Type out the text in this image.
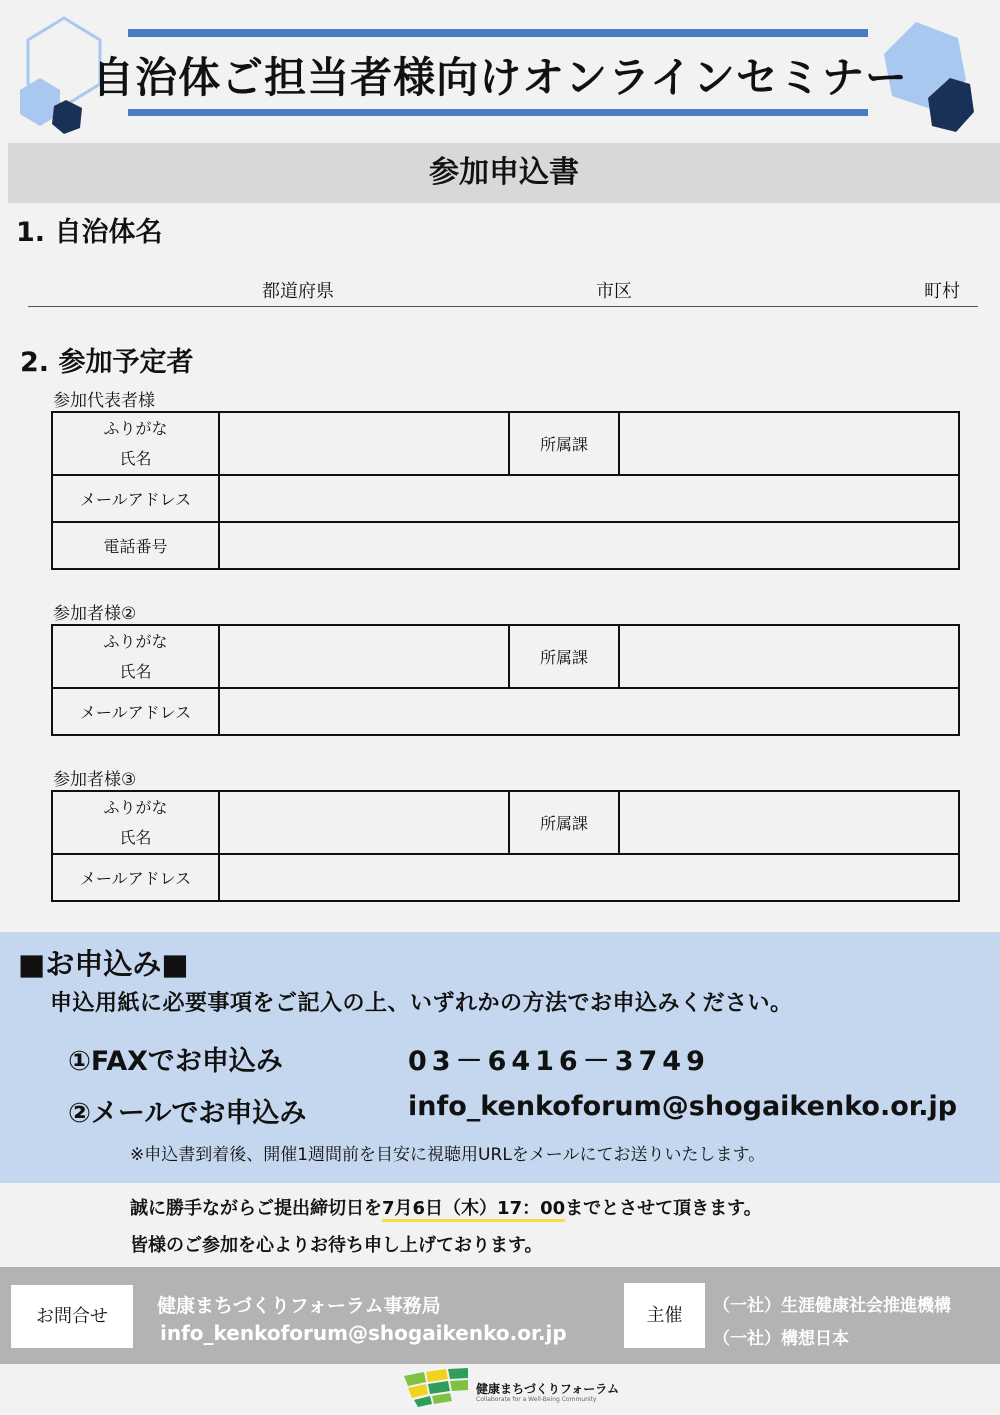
自治体ご担当者様向けオンラインセミナー
参加申込書
1. 自治体名
都道府県	市区	町村
2. 参加予定者
参加代表者様
ふりがな
氏名		所属課	
メールアドレス			
電話番号			
参加者様②
ふりがな
氏名		所属課	
メールアドレス			
参加者様③
ふりがな
氏名		所属課	
メールアドレス			
■お申込み■
申込用紙に必要事項をご記入の上、いずれかの方法でお申込みください。
①FAXでお申込み	03－6416－3749
②メールでお申込み	info_kenkoforum@shogaikenko.or.jp
※申込書到着後、開催1週間前を目安に視聴用URLをメールにてお送りいたします。
誠に勝手ながらご提出締切日を7月6日（木）17：00までとさせて頂きます。
皆様のご参加を心よりお待ち申し上げております。
お問合せ	健康まちづくりフォーラム事務局
info_kenkoforum@shogaikenko.or.jp
主催	（一社）生涯健康社会推進機構
（一社）構想日本
健康まちづくりフォーラム
Collaborate for a Well-Being Community
